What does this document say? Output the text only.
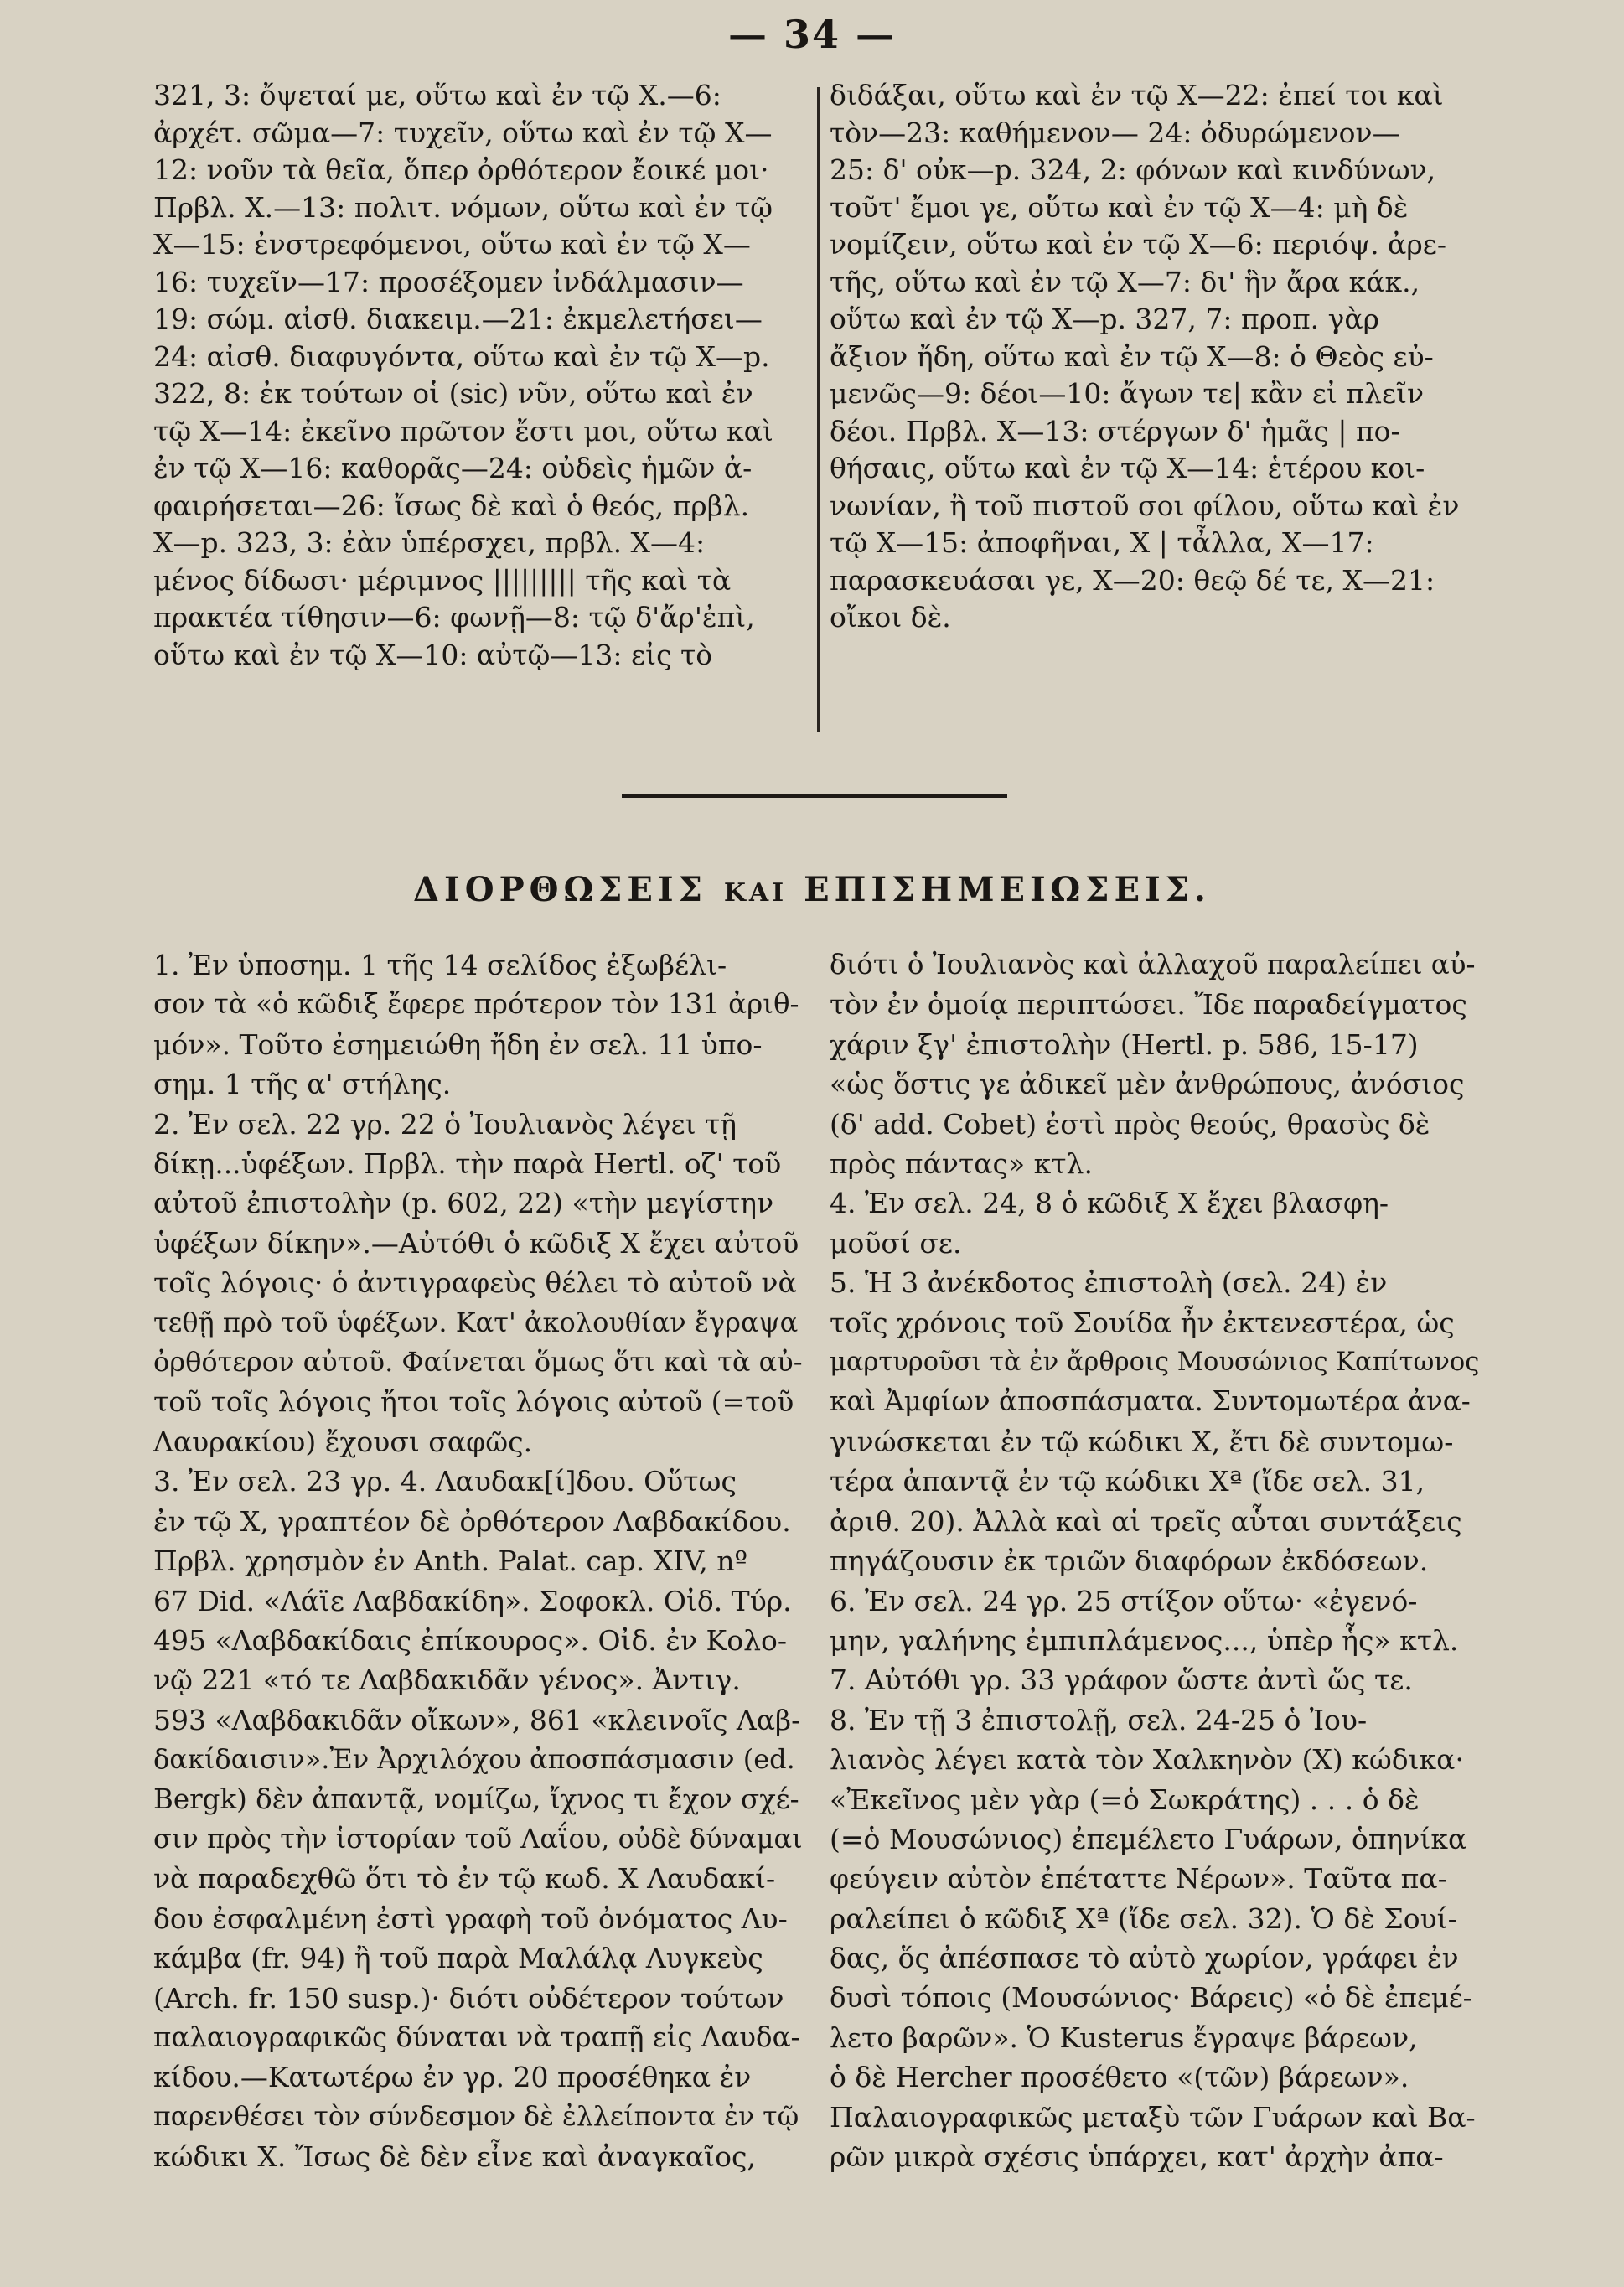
— 34 —
321, 3: ὄψεταί με, οὕτω καὶ ἐν τῷ Χ.—6:
ἀρχέτ. σῶμα—7: τυχεῖν, οὕτω καὶ ἐν τῷ Χ—
12: νοῦν τὰ θεῖα, ὅπερ ὀρθότερον ἔοικέ μοι·
Πρβλ. Χ.—13: πολιτ. νόμων, οὕτω καὶ ἐν τῷ
Χ—15: ἐνστρεφόμενοι, οὕτω καὶ ἐν τῷ Χ—
16: τυχεῖν—17: προσέξομεν ἰνδάλμασιν—
19: σώμ. αἰσθ. διακειμ.—21: ἐκμελετήσει—
24: αἰσθ. διαφυγόντα, οὕτω καὶ ἐν τῷ Χ—p.
322, 8: ἐκ τούτων οἱ (sic) νῦν, οὕτω καὶ ἐν
τῷ Χ—14: ἐκεῖνο πρῶτον ἔστι μοι, οὕτω καὶ
ἐν τῷ Χ—16: καθορᾶς—24: οὐδεὶς ἡμῶν ἀ-
φαιρήσεται—26: ἴσως δὲ καὶ ὁ θεός, πρβλ.
Χ—p. 323, 3: ἐὰν ὑπέρσχει, πρβλ. Χ—4:
μένος δίδωσι· μέριμνος ||||||||| τῆς καὶ τὰ
πρακτέα τίθησιν—6: φωνῇ—8: τῷ δ'ἄρ'ἐπὶ,
οὕτω καὶ ἐν τῷ Χ—10: αὐτῷ—13: εἰς τὸ
διδάξαι, οὕτω καὶ ἐν τῷ Χ—22: ἐπεί τοι καὶ
τὸν—23: καθήμενον— 24: ὀδυρώμενον—
25: δ' οὐκ—p. 324, 2: φόνων καὶ κινδύνων,
τοῦτ' ἔμοι γε, οὕτω καὶ ἐν τῷ Χ—4: μὴ δὲ
νομίζειν, οὕτω καὶ ἐν τῷ Χ—6: περιόψ. ἀρε-
τῆς, οὕτω καὶ ἐν τῷ Χ—7: δι' ἣν ἄρα κάκ.,
οὕτω καὶ ἐν τῷ Χ—p. 327, 7: προπ. γὰρ
ἄξιον ἤδη, οὕτω καὶ ἐν τῷ Χ—8: ὁ Θεὸς εὐ-
μενῶς—9: δέοι—10: ἄγων τε| κἂν εἰ πλεῖν
δέοι. Πρβλ. Χ—13: στέργων δ' ἡμᾶς | πο-
θήσαις, οὕτω καὶ ἐν τῷ Χ—14: ἑτέρου κοι-
νωνίαν, ἢ τοῦ πιστοῦ σοι φίλου, οὕτω καὶ ἐν
τῷ Χ—15: ἀποφῆναι, Χ | τἆλλα, Χ—17:
παρασκευάσαι γε, Χ—20: θεῷ δέ τε, Χ—21:
οἴκοι δὲ.
ΔΙΟΡΘΩΣΕΙΣ ΚΑΙ ΕΠΙΣΗΜΕΙΩΣΕΙΣ.
1. Ἐν ὑποσημ. 1 τῆς 14 σελίδος ἐξωβέλι-
σον τὰ «ὁ κῶδιξ ἔφερε πρότερον τὸν 131 ἀριθ-
μόν». Τοῦτο ἐσημειώθη ἤδη ἐν σελ. 11 ὑπο-
σημ. 1 τῆς α' στήλης.
2. Ἐν σελ. 22 γρ. 22 ὁ Ἰουλιανὸς λέγει τῇ
δίκῃ...ὑφέξων. Πρβλ. τὴν παρὰ Hertl. οζ' τοῦ
αὐτοῦ ἐπιστολὴν (p. 602, 22) «τὴν μεγίστην
ὑφέξων δίκην».—Αὐτόθι ὁ κῶδιξ Χ ἔχει αὐτοῦ
τοῖς λόγοις· ὁ ἀντιγραφεὺς θέλει τὸ αὐτοῦ νὰ
τεθῇ πρὸ τοῦ ὑφέξων. Κατ' ἀκολουθίαν ἔγραψα
ὀρθότερον αὐτοῦ. Φαίνεται ὅμως ὅτι καὶ τὰ αὐ-
τοῦ τοῖς λόγοις ἤτοι τοῖς λόγοις αὐτοῦ (=τοῦ
Λαυρακίου) ἔχουσι σαφῶς.
3. Ἐν σελ. 23 γρ. 4. Λαυδακ[ί]δου. Οὕτως
ἐν τῷ Χ, γραπτέον δὲ ὀρθότερον Λαβδακίδου.
Πρβλ. χρησμὸν ἐν Anth. Palat. cap. XIV, nº
67 Did. «Λάϊε Λαβδακίδη». Σοφοκλ. Οἰδ. Τύρ.
495 «Λαβδακίδαις ἐπίκουρος». Οἰδ. ἐν Κολο-
νῷ 221 «τό τε Λαβδακιδᾶν γένος». Ἀντιγ.
593 «Λαβδακιδᾶν οἴκων», 861 «κλεινοῖς Λαβ-
δακίδαισιν».Ἐν Ἀρχιλόχου ἀποσπάσμασιν (ed.
Bergk) δὲν ἀπαντᾷ, νομίζω, ἴχνος τι ἔχον σχέ-
σιν πρὸς τὴν ἱστορίαν τοῦ Λαΐου, οὐδὲ δύναμαι
νὰ παραδεχθῶ ὅτι τὸ ἐν τῷ κωδ. Χ Λαυδακί-
δου ἐσφαλμένη ἐστὶ γραφὴ τοῦ ὀνόματος Λυ-
κάμβα (fr. 94) ἢ τοῦ παρὰ Μαλάλᾳ Λυγκεὺς
(Arch. fr. 150 susp.)· διότι οὐδέτερον τούτων
παλαιογραφικῶς δύναται νὰ τραπῇ εἰς Λαυδα-
κίδου.—Κατωτέρω ἐν γρ. 20 προσέθηκα ἐν
παρενθέσει τὸν σύνδεσμον δὲ ἐλλείποντα ἐν τῷ
κώδικι Χ. Ἴσως δὲ δὲν εἶνε καὶ ἀναγκαῖος,
διότι ὁ Ἰουλιανὸς καὶ ἀλλαχοῦ παραλείπει αὐ-
τὸν ἐν ὁμοίᾳ περιπτώσει. Ἴδε παραδείγματος
χάριν ξγ' ἐπιστολὴν (Hertl. p. 586, 15-17)
«ὡς ὅστις γε ἀδικεῖ μὲν ἀνθρώπους, ἀνόσιος
(δ' add. Cobet) ἐστὶ πρὸς θεούς, θρασὺς δὲ
πρὸς πάντας» κτλ.
4. Ἐν σελ. 24, 8 ὁ κῶδιξ Χ ἔχει βλασφη-
μοῦσί σε.
5. Ἡ 3 ἀνέκδοτος ἐπιστολὴ (σελ. 24) ἐν
τοῖς χρόνοις τοῦ Σουίδα ἦν ἐκτενεστέρα, ὡς
μαρτυροῦσι τὰ ἐν ἄρθροις Μουσώνιος Καπίτωνος
καὶ Ἀμφίων ἀποσπάσματα. Συντομωτέρα ἀνα-
γινώσκεται ἐν τῷ κώδικι Χ, ἔτι δὲ συντομω-
τέρα ἀπαντᾷ ἐν τῷ κώδικι Χª (ἴδε σελ. 31,
ἀριθ. 20). Ἀλλὰ καὶ αἱ τρεῖς αὗται συντάξεις
πηγάζουσιν ἐκ τριῶν διαφόρων ἐκδόσεων.
6. Ἐν σελ. 24 γρ. 25 στίξον οὕτω· «ἐγενό-
μην, γαλήνης ἐμπιπλάμενος..., ὑπὲρ ἧς» κτλ.
7. Αὐτόθι γρ. 33 γράφον ὥστε ἀντὶ ὥς τε.
8. Ἐν τῇ 3 ἐπιστολῇ, σελ. 24-25 ὁ Ἰου-
λιανὸς λέγει κατὰ τὸν Χαλκηνὸν (Χ) κώδικα·
«Ἐκεῖνος μὲν γὰρ (=ὁ Σωκράτης) . . . ὁ δὲ
(=ὁ Μουσώνιος) ἐπεμέλετο Γυάρων, ὁπηνίκα
φεύγειν αὐτὸν ἐπέταττε Νέρων». Ταῦτα πα-
ραλείπει ὁ κῶδιξ Χª (ἴδε σελ. 32). Ὁ δὲ Σουί-
δας, ὅς ἀπέσπασε τὸ αὐτὸ χωρίον, γράφει ἐν
δυσὶ τόποις (Μουσώνιος· Βάρεις) «ὁ δὲ ἐπεμέ-
λετο βαρῶν». Ὁ Kusterus ἔγραψε βάρεων,
ὁ δὲ Hercher προσέθετο «(τῶν) βάρεων».
Παλαιογραφικῶς μεταξὺ τῶν Γυάρων καὶ Βα-
ρῶν μικρὰ σχέσις ὑπάρχει, κατ' ἀρχὴν ἀπα-
